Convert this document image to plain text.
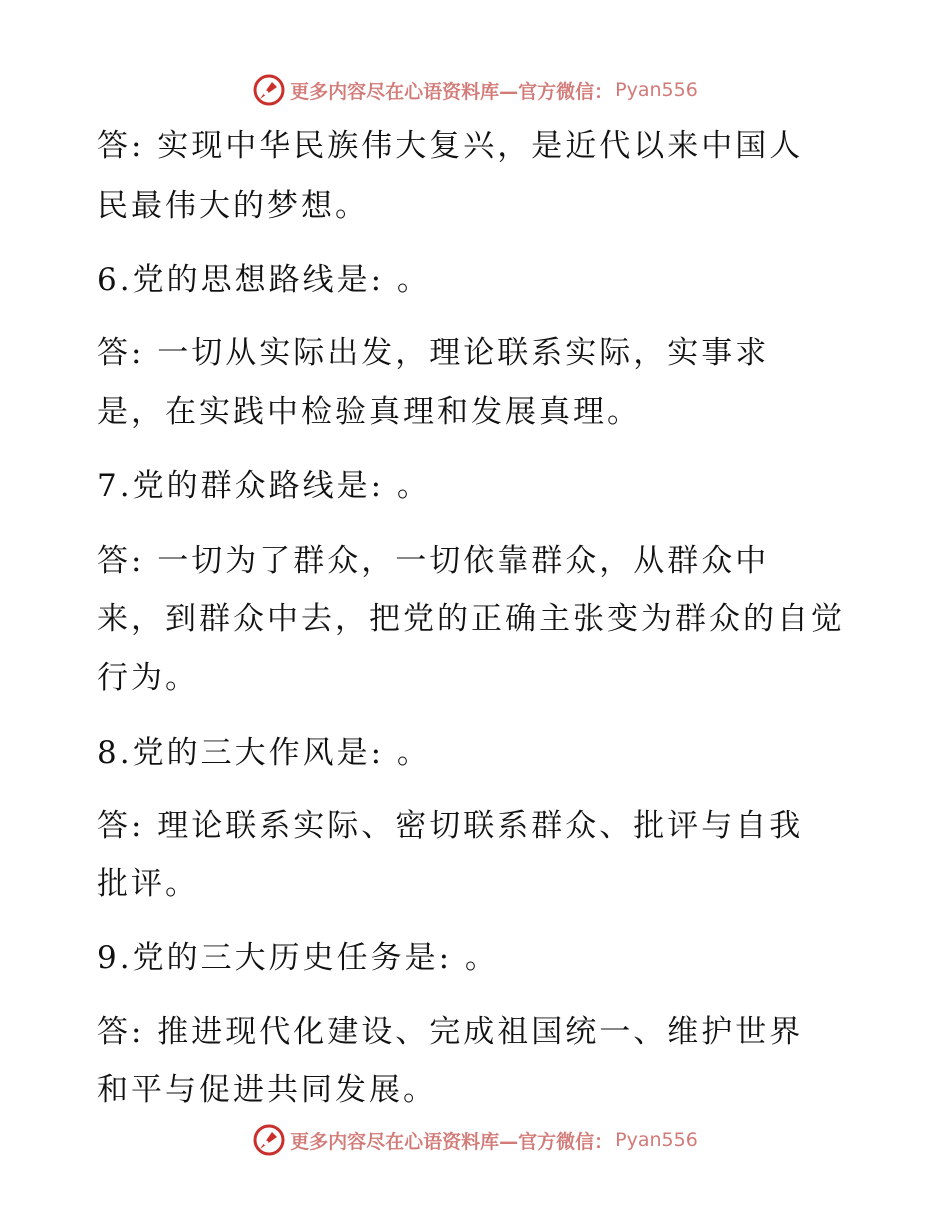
更多内容尽在心语资料库—官方微信： Pyan556
答: 实现中华民族伟大复兴，是近代以来中国人
民最伟大的梦想。
6.党的思想路线是: 。
答: 一切从实际出发，理论联系实际，实事求
是，在实践中检验真理和发展真理。
7.党的群众路线是: 。
答: 一切为了群众，一切依靠群众，从群众中
来，到群众中去，把党的正确主张变为群众的自觉
行为。
8.党的三大作风是: 。
答: 理论联系实际、密切联系群众、批评与自我
批评。
9.党的三大历史任务是: 。
答: 推进现代化建设、完成祖国统一、维护世界
和平与促进共同发展。
更多内容尽在心语资料库—官方微信： Pyan556
